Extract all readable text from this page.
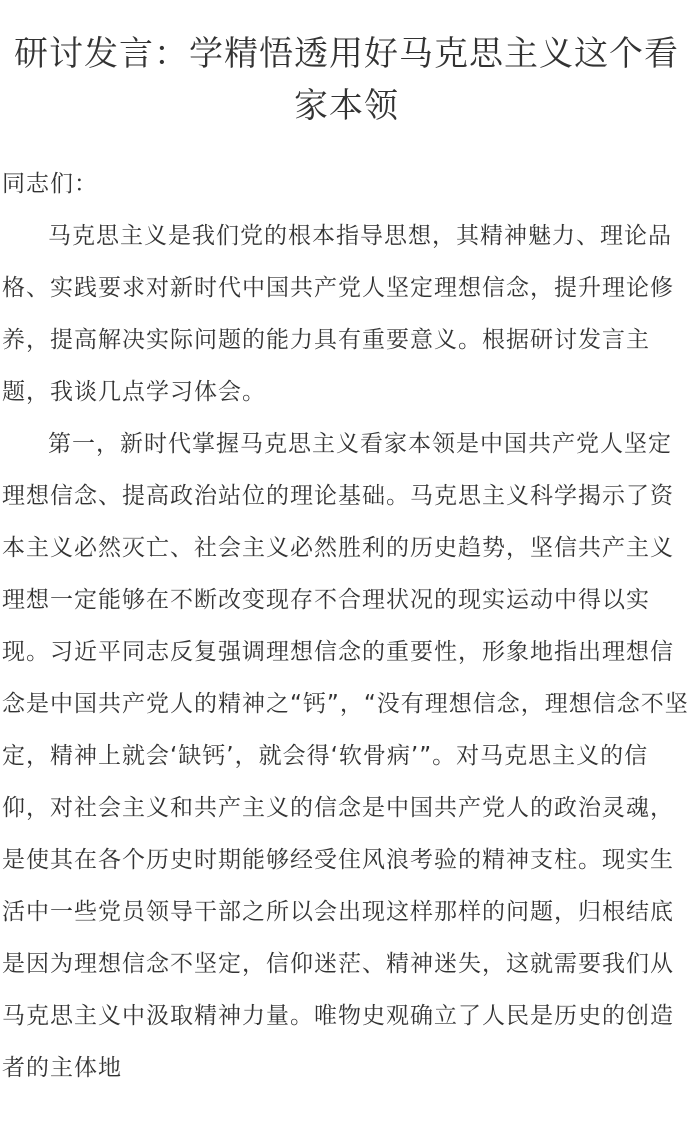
研讨发言：学精悟透用好马克思主义这个看家本领

同志们：

马克思主义是我们党的根本指导思想，其精神魅力、理论品格、实践要求对新时代中国共产党人坚定理想信念，提升理论修养，提高解决实际问题的能力具有重要意义。根据研讨发言主题，我谈几点学习体会。

第一，新时代掌握马克思主义看家本领是中国共产党人坚定理想信念、提高政治站位的理论基础。马克思主义科学揭示了资本主义必然灭亡、社会主义必然胜利的历史趋势，坚信共产主义理想一定能够在不断改变现存不合理状况的现实运动中得以实现。习近平同志反复强调理想信念的重要性，形象地指出理想信念是中国共产党人的精神之“钙”，“没有理想信念，理想信念不坚定，精神上就会‘缺钙’，就会得‘软骨病’”。对马克思主义的信仰，对社会主义和共产主义的信念是中国共产党人的政治灵魂，是使其在各个历史时期能够经受住风浪考验的精神支柱。现实生活中一些党员领导干部之所以会出现这样那样的问题，归根结底是因为理想信念不坚定，信仰迷茫、精神迷失，这就需要我们从马克思主义中汲取精神力量。唯物史观确立了人民是历史的创造者的主体地
